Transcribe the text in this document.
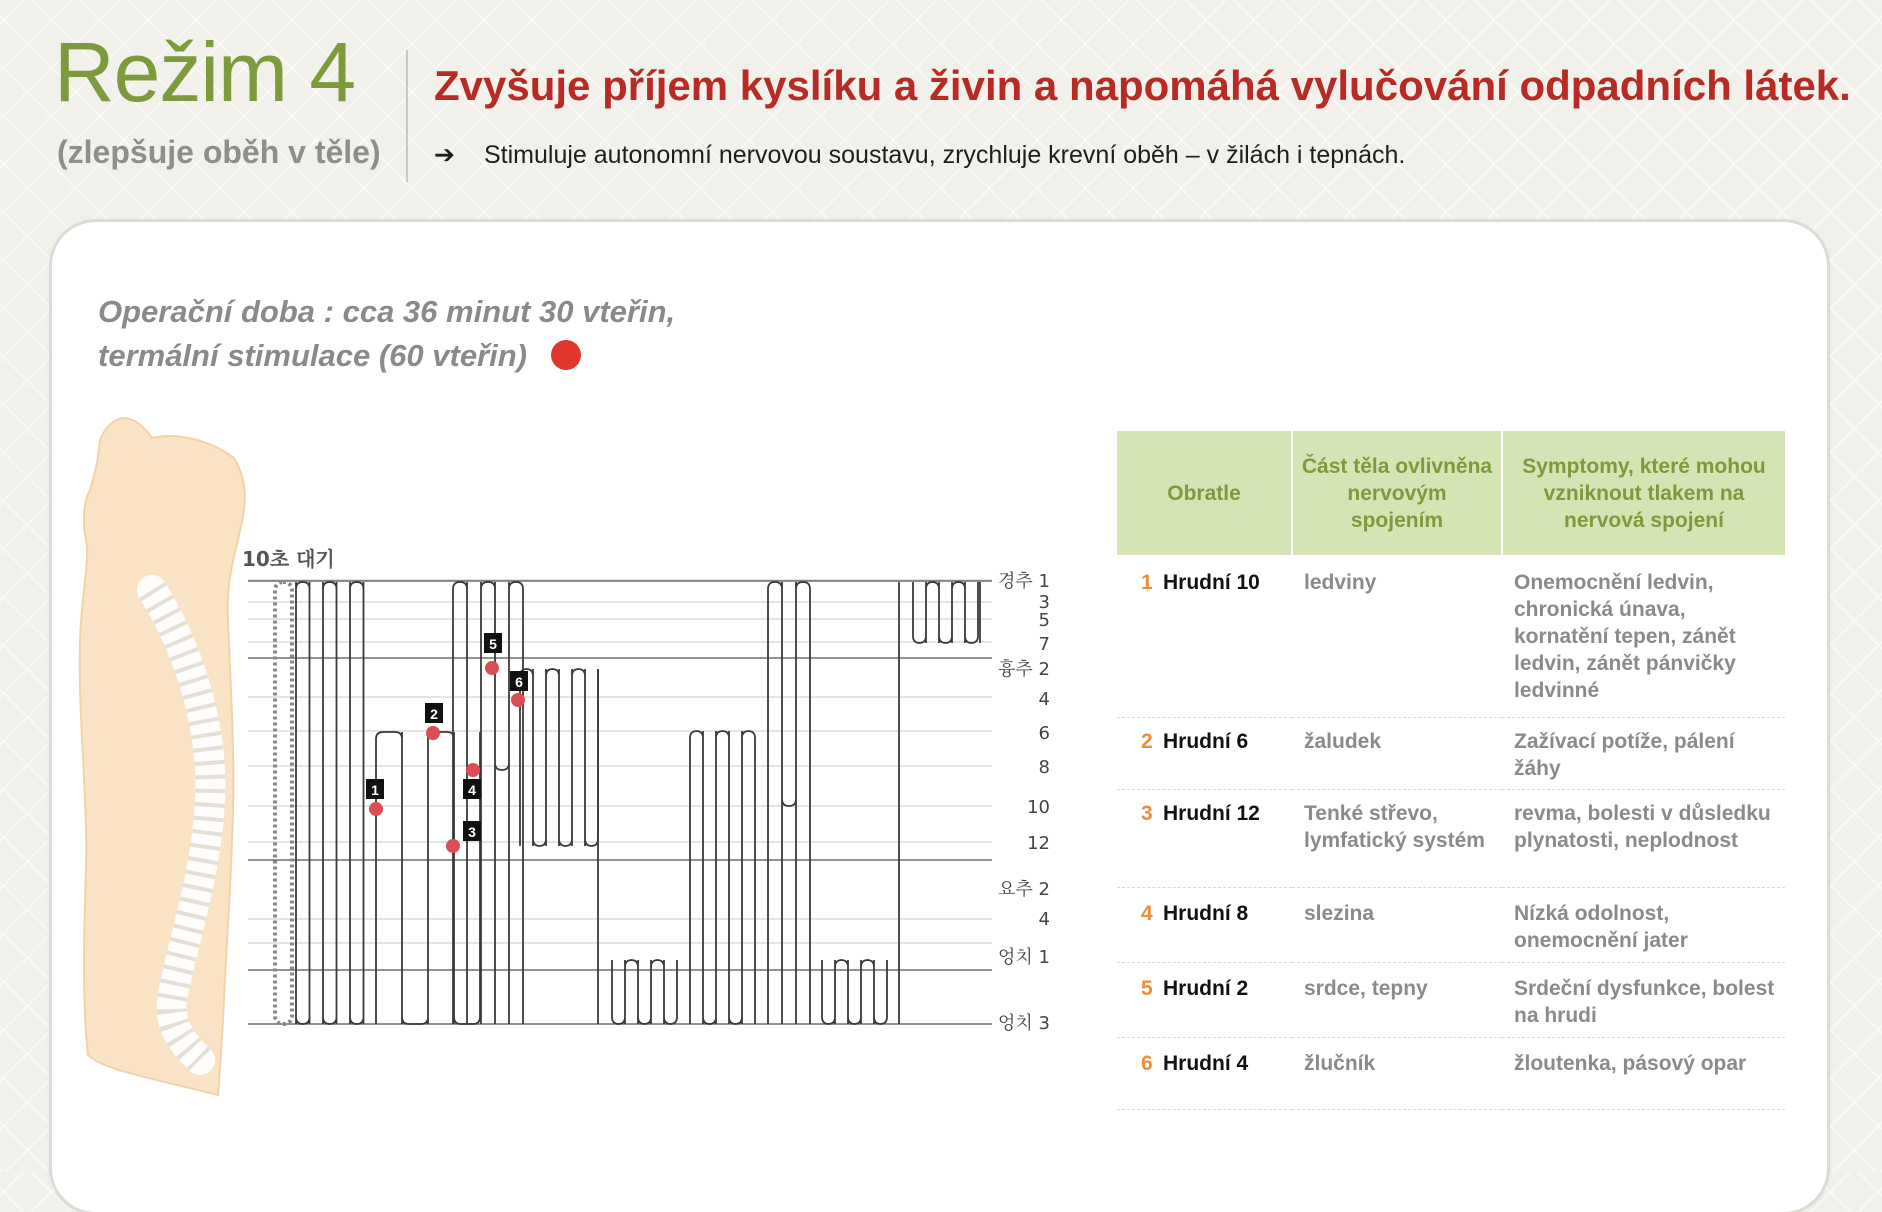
Režim 4
(zlepšuje oběh v těle)
Zvyšuje příjem kyslíku a živin a napomáhá vylučování odpadních látek.
➔ Stimuluje autonomní nervovou soustavu, zrychluje krevní oběh – v žilách i tepnách.
Operační doba : cca 36 minut 30 vteřin,
termální stimulace (60 vteřin)
1
2
3
4
5
6
10초 대기
경추 1
3
5
7
흉추 2
4
6
8
10
12
요추 2
4
엉치 1
엉치 3
Obratle	Část těla ovlivněna nervovým spojením	Symptomy, které mohou vzniknout tlakem na nervová spojení
1 Hrudní 10	ledviny	Onemocnění ledvin, chronická únava, kornatění tepen, zánět ledvin, zánět pánvičky ledvinné
2 Hrudní 6	žaludek	Zažívací potíže, pálení žáhy
3 Hrudní 12	Tenké střevo, lymfatický systém	revma, bolesti v důsledku plynatosti, neplodnost
4 Hrudní 8	slezina	Nízká odolnost, onemocnění jater
5 Hrudní 2	srdce, tepny	Srdeční dysfunkce, bolest na hrudi
6 Hrudní 4	žlučník	žloutenka, pásový opar
